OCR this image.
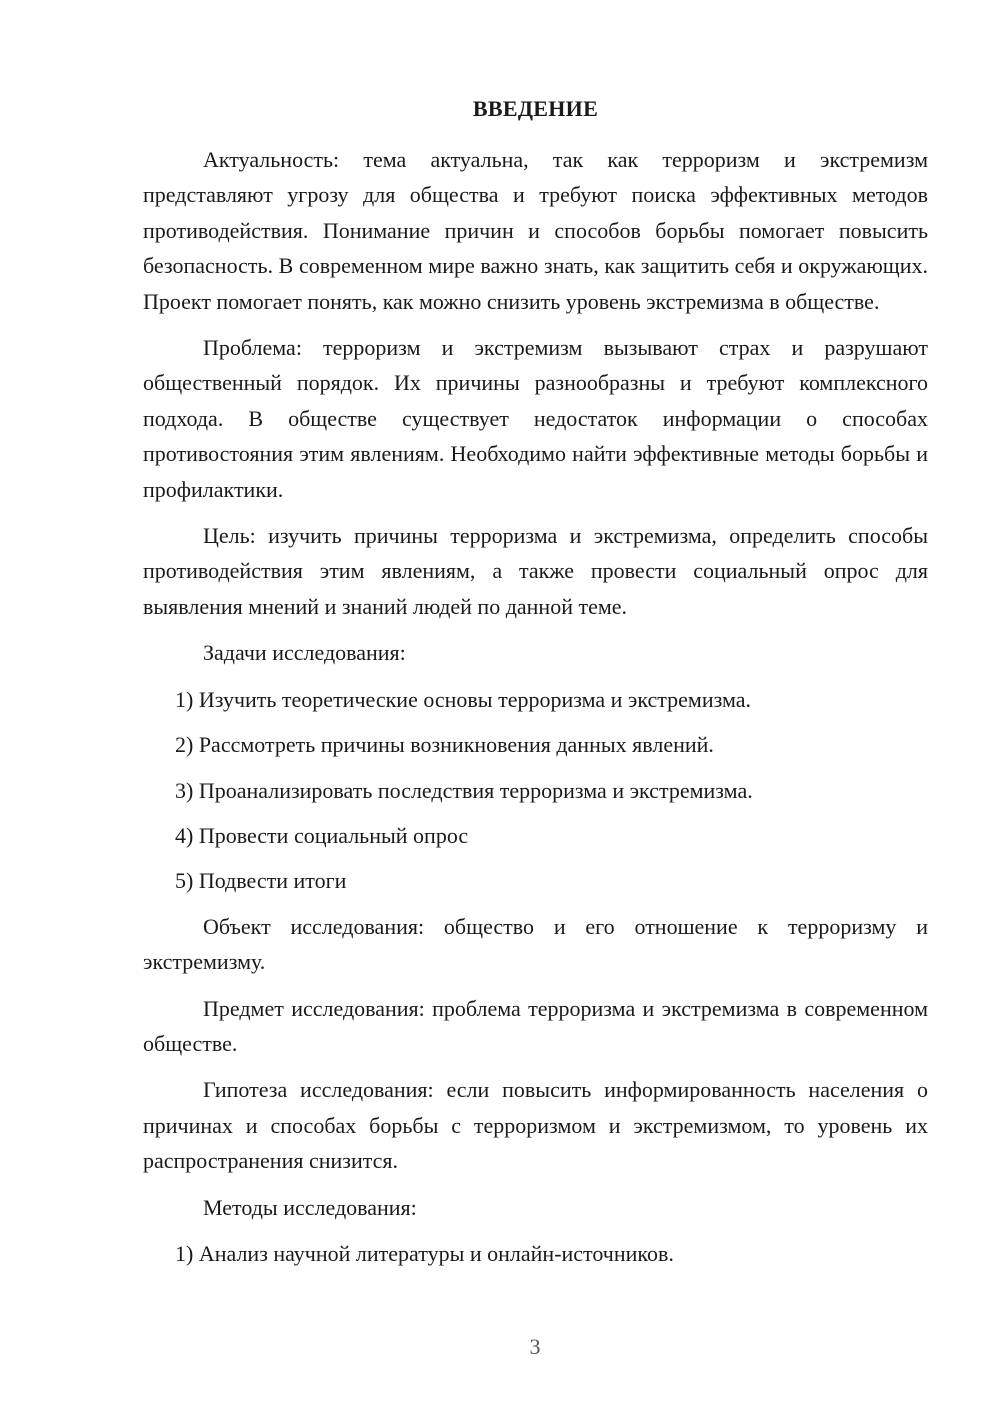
ВВЕДЕНИЕ

Актуальность: тема актуальна, так как терроризм и экстремизм представляют угрозу для общества и требуют поиска эффективных методов противодействия. Понимание причин и способов борьбы помогает повысить безопасность. В современном мире важно знать, как защитить себя и окружающих. Проект помогает понять, как можно снизить уровень экстремизма в обществе.

Проблема: терроризм и экстремизм вызывают страх и разрушают общественный порядок. Их причины разнообразны и требуют комплексного подхода. В обществе существует недостаток информации о способах противостояния этим явлениям. Необходимо найти эффективные методы борьбы и профилактики.

Цель: изучить причины терроризма и экстремизма, определить способы противодействия этим явлениям, а также провести социальный опрос для выявления мнений и знаний людей по данной теме.

Задачи исследования:

1) Изучить теоретические основы терроризма и экстремизма.

2) Рассмотреть причины возникновения данных явлений.

3) Проанализировать последствия терроризма и экстремизма.

4) Провести социальный опрос

5) Подвести итоги

Объект исследования: общество и его отношение к терроризму и экстремизму.

Предмет исследования: проблема терроризма и экстремизма в современном обществе.

Гипотеза исследования: если повысить информированность населения о причинах и способах борьбы с терроризмом и экстремизмом, то уровень их распространения снизится.

Методы исследования:

1) Анализ научной литературы и онлайн-источников.

3
